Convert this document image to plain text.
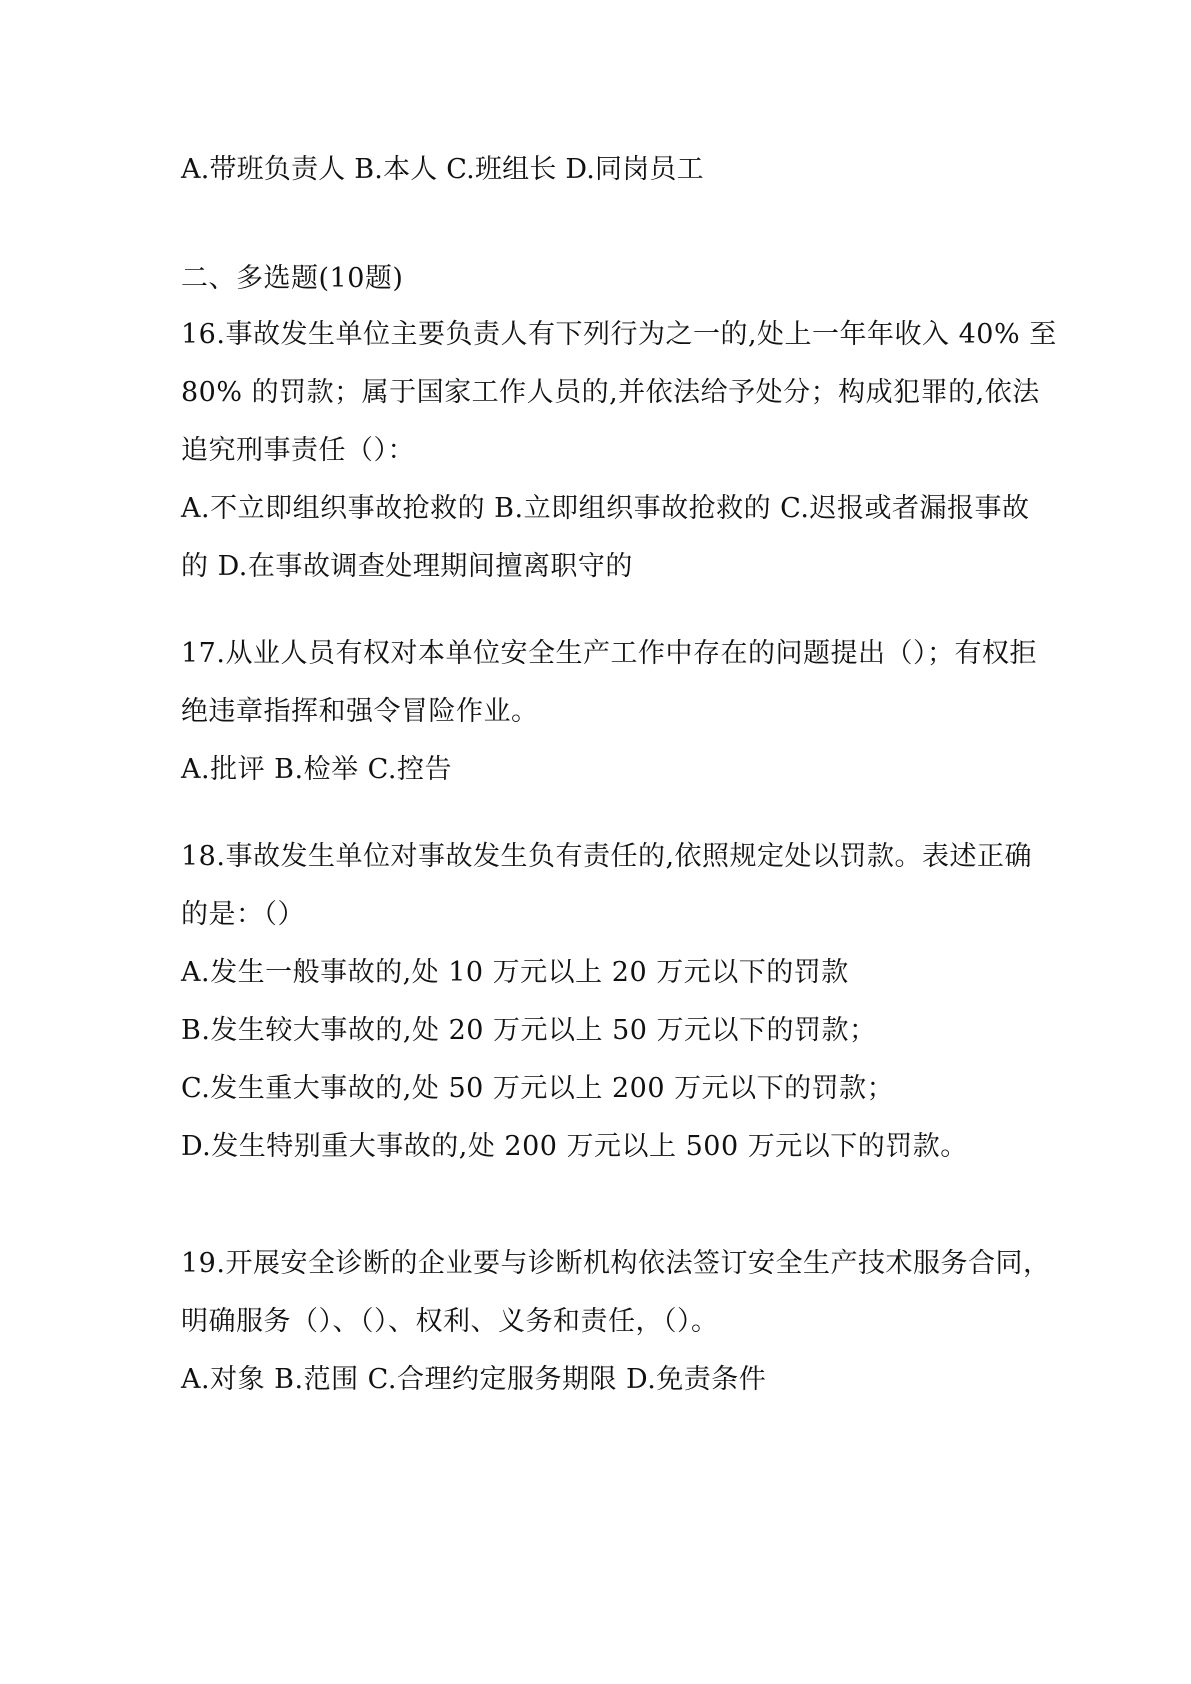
A.带班负责人 B.本人 C.班组长 D.同岗员工
二、多选题(10题)
16.事故发生单位主要负责人有下列行为之一的,处上一年年收入 40% 至
80% 的罚款；属于国家工作人员的,并依法给予处分；构成犯罪的,依法
追究刑事责任（）：
A.不立即组织事故抢救的 B.立即组织事故抢救的 C.迟报或者漏报事故
的 D.在事故调查处理期间擅离职守的
17.从业人员有权对本单位安全生产工作中存在的问题提出（）；有权拒
绝违章指挥和强令冒险作业。
A.批评 B.检举 C.控告
18.事故发生单位对事故发生负有责任的,依照规定处以罚款。表述正确
的是：（）
A.发生一般事故的,处 10 万元以上 20 万元以下的罚款
B.发生较大事故的,处 20 万元以上 50 万元以下的罚款；
C.发生重大事故的,处 50 万元以上 200 万元以下的罚款；
D.发生特别重大事故的,处 200 万元以上 500 万元以下的罚款。
19.开展安全诊断的企业要与诊断机构依法签订安全生产技术服务合同，
明确服务（）、（）、权利、义务和责任，（）。
A.对象 B.范围 C.合理约定服务期限 D.免责条件
